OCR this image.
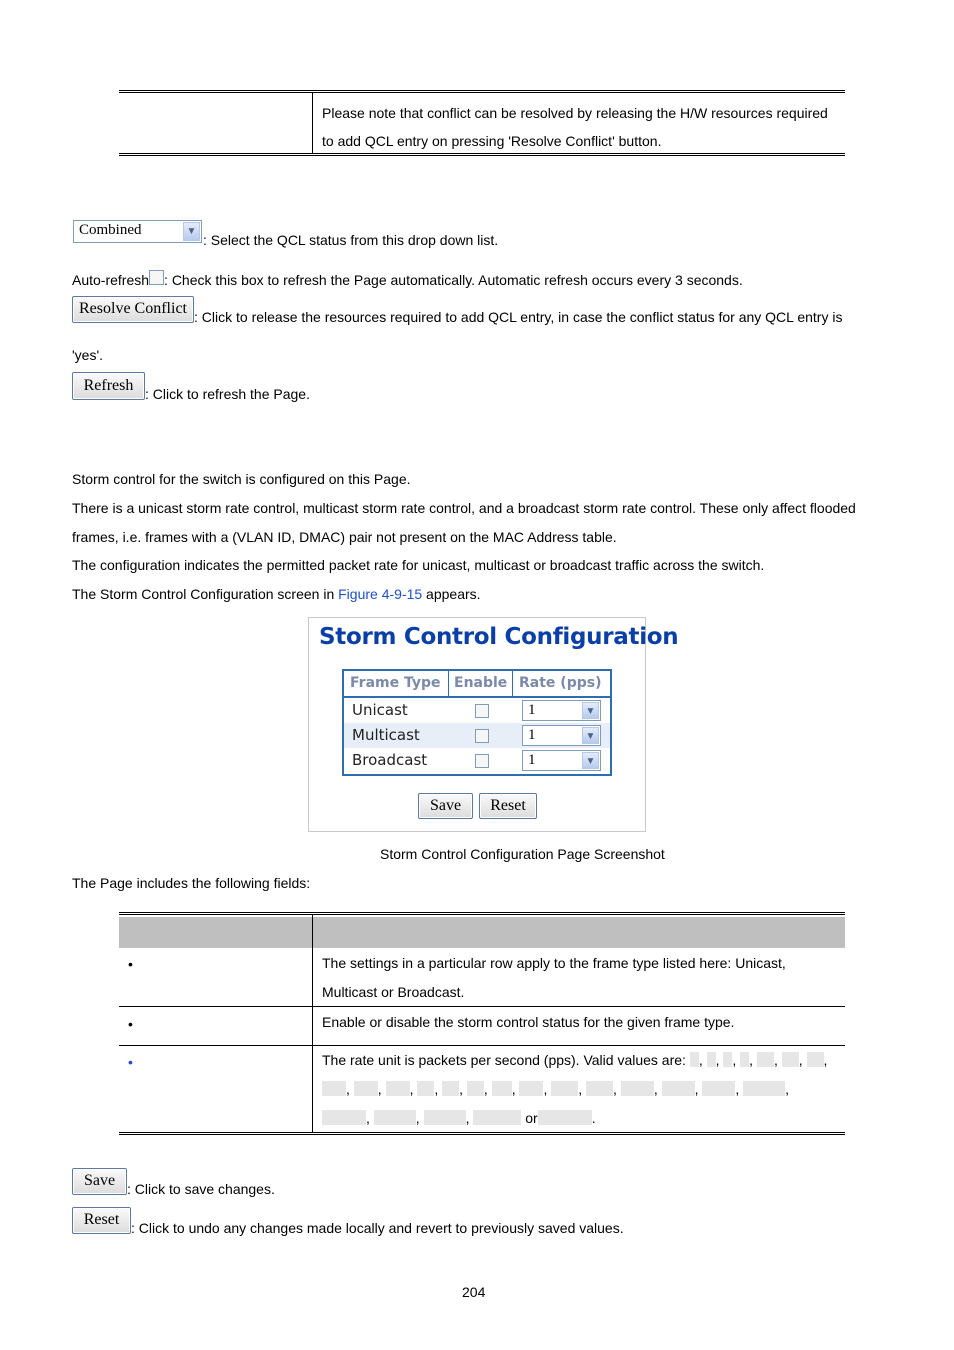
Please note that conflict can be resolved by releasing the H/W resources required to add QCL entry on pressing 'Resolve Conflict' button.
Combined	▼
: Select the QCL status from this drop down list.
Auto-refresh : Check this box to refresh the Page automatically. Automatic refresh occurs every 3 seconds.
Resolve Conflict : Click to release the resources required to add QCL entry, in case the conflict status for any QCL entry is
'yes'.
Refresh : Click to refresh the Page.
Storm control for the switch is configured on this Page.
There is a unicast storm rate control, multicast storm rate control, and a broadcast storm rate control. These only affect flooded
frames, i.e. frames with a (VLAN ID, DMAC) pair not present on the MAC Address table.
The configuration indicates the permitted packet rate for unicast, multicast or broadcast traffic across the switch.
The Storm Control Configuration screen in Figure 4-9-15 appears.
Storm Control Configuration
Frame Type Enable Rate (pps)
Unicast	1	▼
Multicast	1	▼
Broadcast	1	▼
Save	Reset
Storm Control Configuration Page Screenshot
The Page includes the following fields:
•	The settings in a particular row apply to the frame type listed here: Unicast,
Multicast or Broadcast.
•	Enable or disable the storm control status for the given frame type.
•	The rate unit is packets per second (pps). Valid values are: , , , , , , ,
, , , , , , , , , ,	,	,	,	,
,	,	,	or	.
Save : Click to save changes.
Reset : Click to undo any changes made locally and revert to previously saved values.
204
